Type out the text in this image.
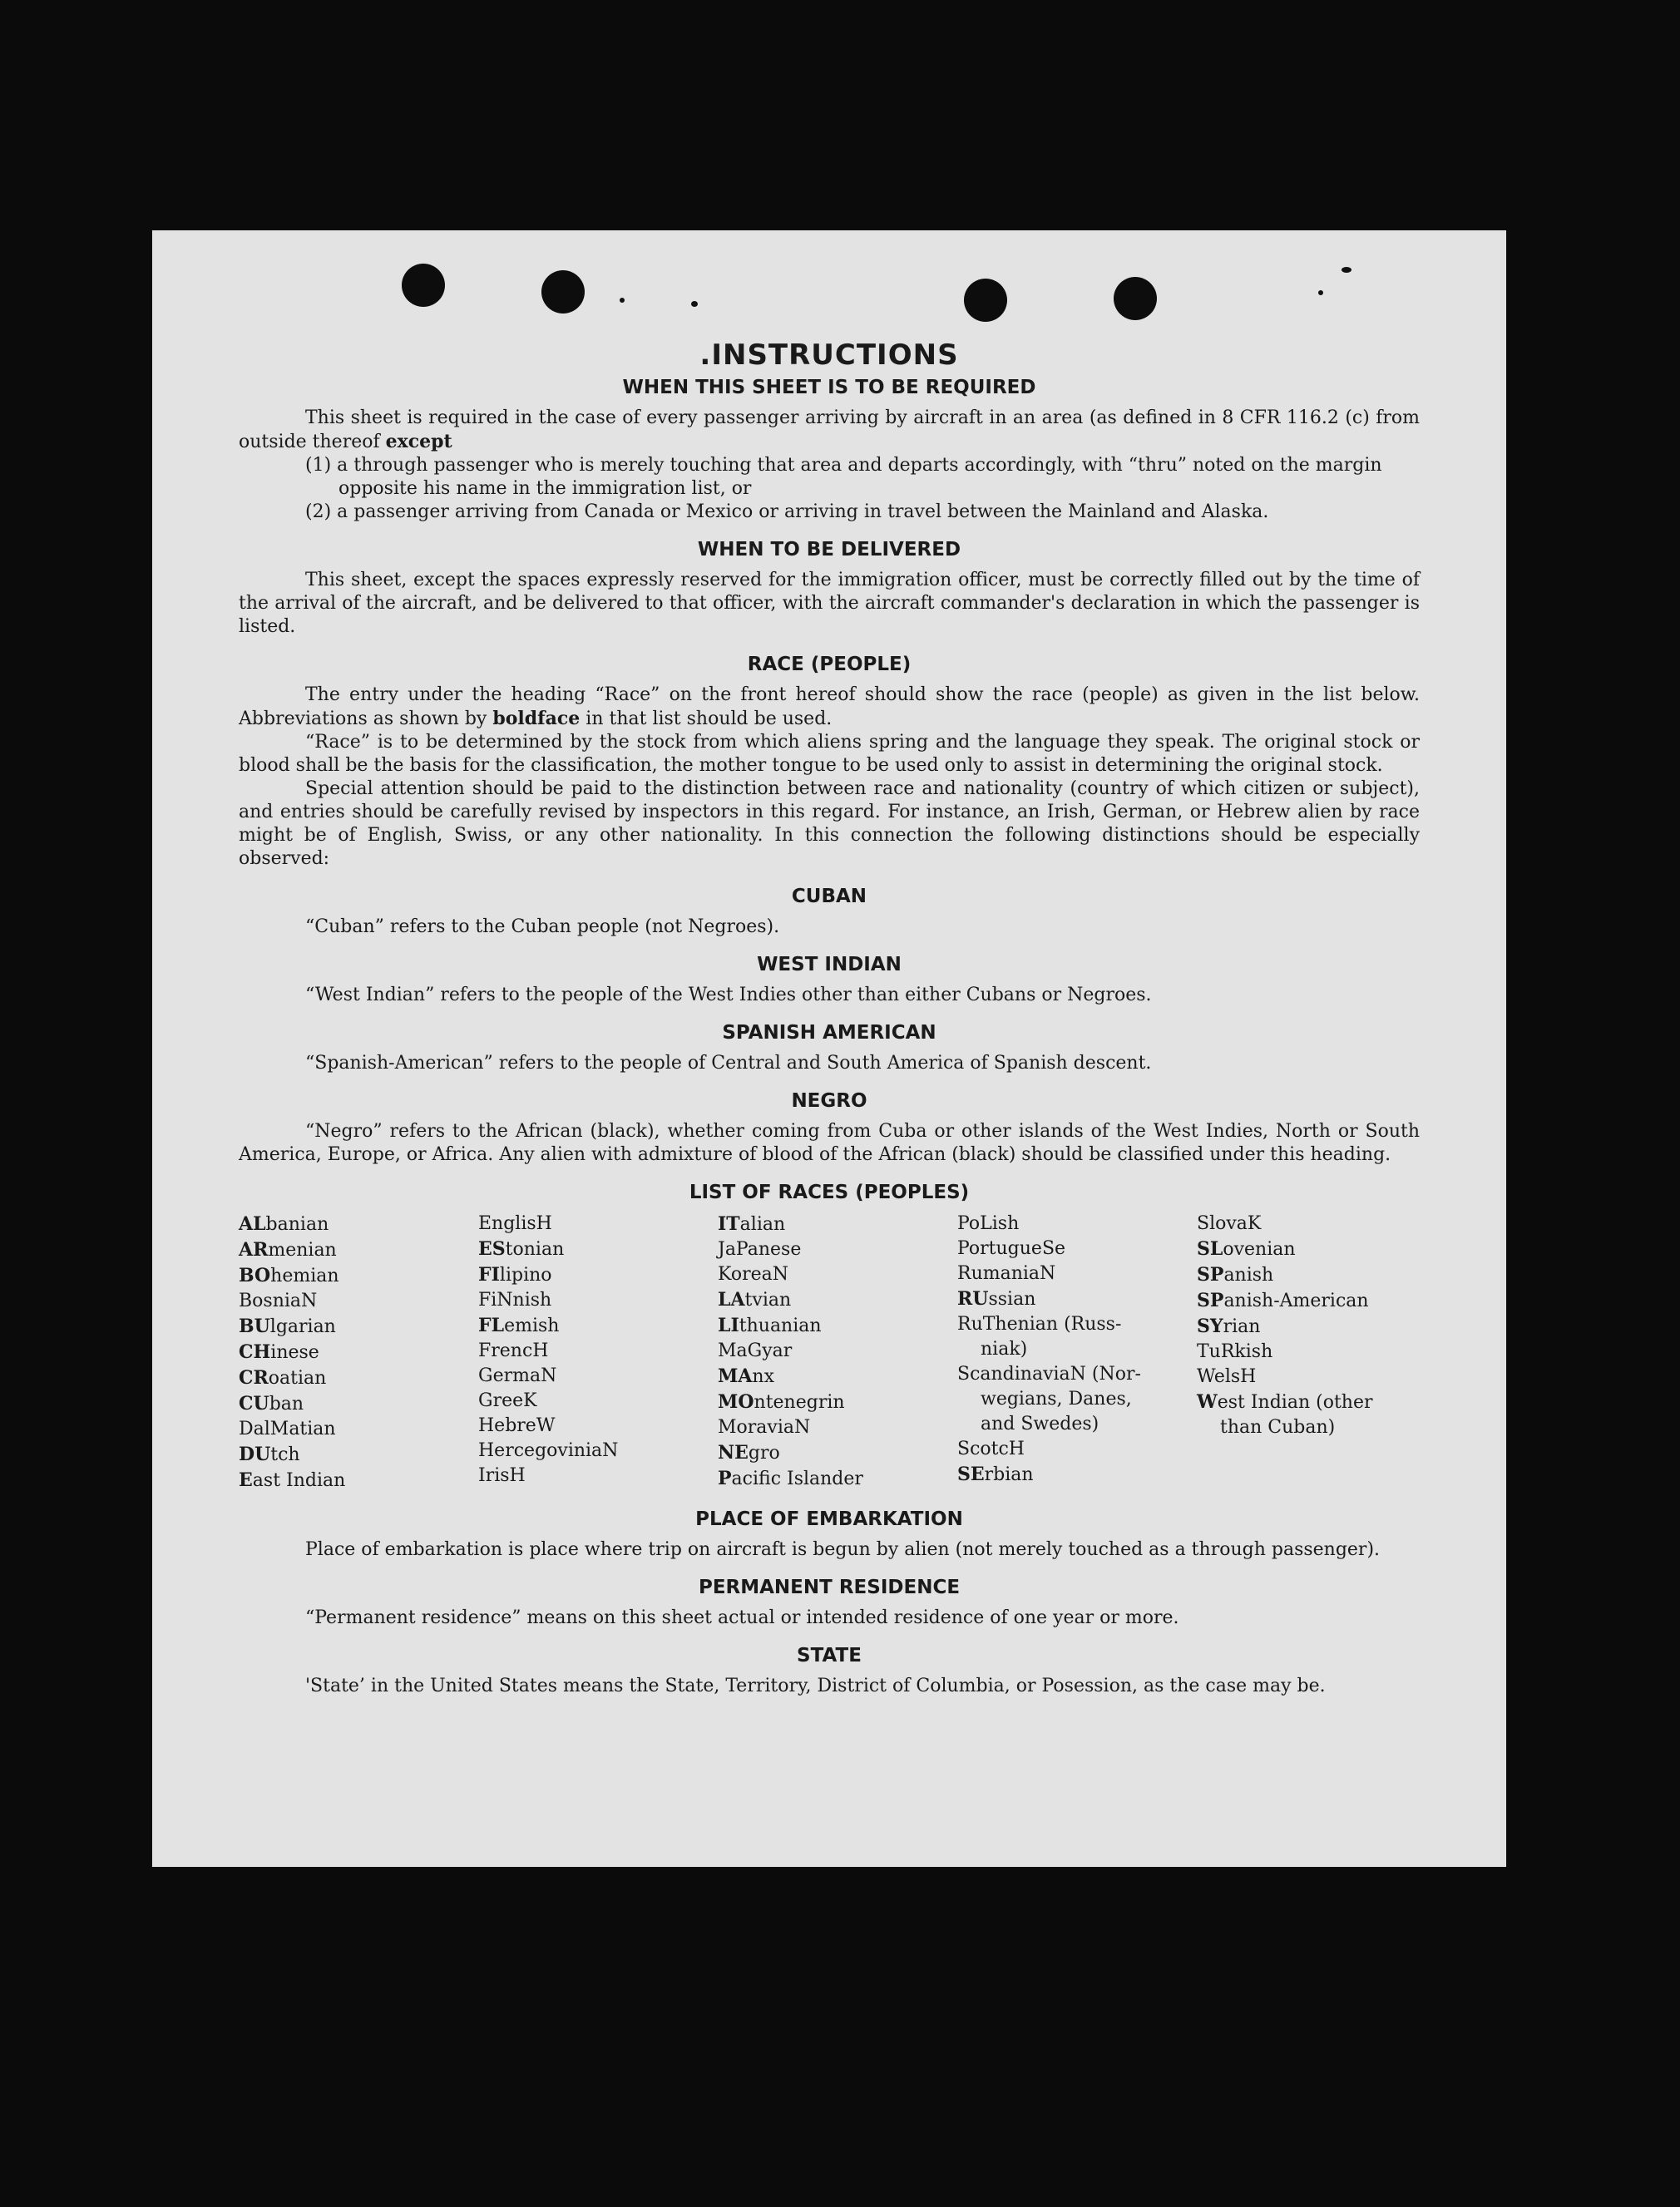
.INSTRUCTIONS
WHEN THIS SHEET IS TO BE REQUIRED

This sheet is required in the case of every passenger arriving by aircraft in an area (as defined in 8 CFR 116.2 (c) from outside thereof except

(1) a through passenger who is merely touching that area and departs accordingly, with “thru” noted on the margin opposite his name in the immigration list, or
(2) a passenger arriving from Canada or Mexico or arriving in travel between the Mainland and Alaska.
WHEN TO BE DELIVERED

This sheet, except the spaces expressly reserved for the immigration officer, must be correctly filled out by the time of the arrival of the aircraft, and be delivered to that officer, with the aircraft commander's declaration in which the passenger is listed.

RACE (PEOPLE)

The entry under the heading “Race” on the front hereof should show the race (people) as given in the list below. Abbreviations as shown by boldface in that list should be used.

“Race” is to be determined by the stock from which aliens spring and the language they speak. The original stock or blood shall be the basis for the classification, the mother tongue to be used only to assist in determining the original stock.

Special attention should be paid to the distinction between race and nationality (country of which citizen or subject), and entries should be carefully revised by inspectors in this regard. For instance, an Irish, German, or Hebrew alien by race might be of English, Swiss, or any other nationality. In this connection the following distinctions should be especially observed:

CUBAN

“Cuban” refers to the Cuban people (not Negroes).

WEST INDIAN

“West Indian” refers to the people of the West Indies other than either Cubans or Negroes.

SPANISH AMERICAN

“Spanish-American” refers to the people of Central and South America of Spanish descent.

NEGRO

“Negro” refers to the African (black), whether coming from Cuba or other islands of the West Indies, North or South America, Europe, or Africa. Any alien with admixture of blood of the African (black) should be classified under this heading.

LIST OF RACES (PEOPLES)
ALbanian
ARmenian
BOhemian
BosniaN
BUlgarian
CHinese
CRoatian
CUban
DalMatian
DUtch
East Indian
EnglisH
EStonian
FIlipino
FiNnish
FLemish
FrencH
GermaN
GreeK
HebreW
HercegoviniaN
IrisH
ITalian
JaPanese
KoreaN
LAtvian
LIthuanian
MaGyar
MAnx
MOntenegrin
MoraviaN
NEgro
Pacific Islander
PoLish
PortugueSe
RumaniaN
RUssian
RuThenian (Russ-
niak)
ScandinaviaN (Nor-
wegians, Danes,
and Swedes)
ScotcH
SErbian
SlovaK
SLovenian
SPanish
SPanish-American
SYrian
TuRkish
WelsH
West Indian (other
than Cuban)
PLACE OF EMBARKATION

Place of embarkation is place where trip on aircraft is begun by alien (not merely touched as a through passenger).

PERMANENT RESIDENCE

“Permanent residence” means on this sheet actual or intended residence of one year or more.

STATE

'State’ in the United States means the State, Territory, District of Columbia, or Posession, as the case may be.
